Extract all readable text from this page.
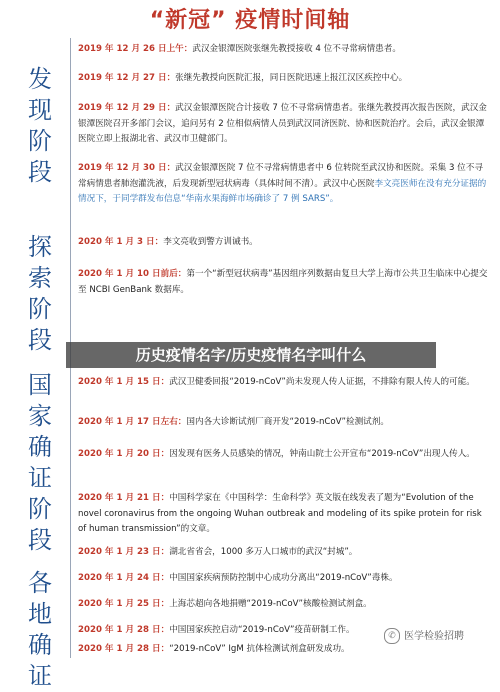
“新冠” 疫情时间轴
发
现
阶
段
探
索
阶
段
国
家
确
证
阶
段
各
地
确
证
2019 年 12 月 26 日上午：武汉金银潭医院张继先教授接收 4 位不寻常病情患者。
2019 年 12 月 27 日：张继先教授向医院汇报，同日医院迅速上报江汉区疾控中心。
2019 年 12 月 29 日：武汉金银潭医院合计接收 7 位不寻常病情患者。张继先教授再次报告医院，武汉金银潭医院召开多部门会议，追问另有 2 位相似病情人员到武汉同济医院、协和医院治疗。会后，武汉金银潭医院立即上报湖北省、武汉市卫健部门。
2019 年 12 月 30 日：武汉金银潭医院 7 位不寻常病情患者中 6 位转院至武汉协和医院。采集 3 位不寻常病情患者肺泡灌洗液，后发现新型冠状病毒（具体时间不清）。武汉中心医院李文亮医师在没有充分证据的情况下，于同学群发布信息“华南水果海鲜市场确诊了 7 例 SARS”。
2020 年 1 月 3 日：李文亮收到警方训诫书。
2020 年 1 月 10 日前后：第一个“新型冠状病毒”基因组序列数据由复旦大学上海市公共卫生临床中心提交至 NCBI GenBank 数据库。
2020 年 1 月 15 日：武汉卫健委回报“2019-nCoV”尚未发现人传人证据，不排除有限人传人的可能。
2020 年 1 月 17 日左右：国内各大诊断试剂厂商开发“2019-nCoV”检测试剂。
2020 年 1 月 20 日：因发现有医务人员感染的情况，钟南山院士公开宣布“2019-nCoV”出现人传人。
2020 年 1 月 21 日：中国科学家在《中国科学：生命科学》英文版在线发表了题为“Evolution of the novel coronavirus from the ongoing Wuhan outbreak and modeling of its spike protein for risk of human transmission”的文章。
2020 年 1 月 23 日：湖北省省会，1000 多万人口城市的武汉“封城”。
2020 年 1 月 24 日：中国国家疾病预防控制中心成功分离出“2019-nCoV”毒株。
2020 年 1 月 25 日：上海芯超向各地捐赠“2019-nCoV”核酸检测试剂盒。
2020 年 1 月 28 日：中国国家疾控启动“2019-nCoV”疫苗研制工作。
2020 年 1 月 28 日：“2019-nCoV” IgM 抗体检测试剂盒研发成功。
历史疫情名字/历史疫情名字叫什么
✆ 医学检验招聘
